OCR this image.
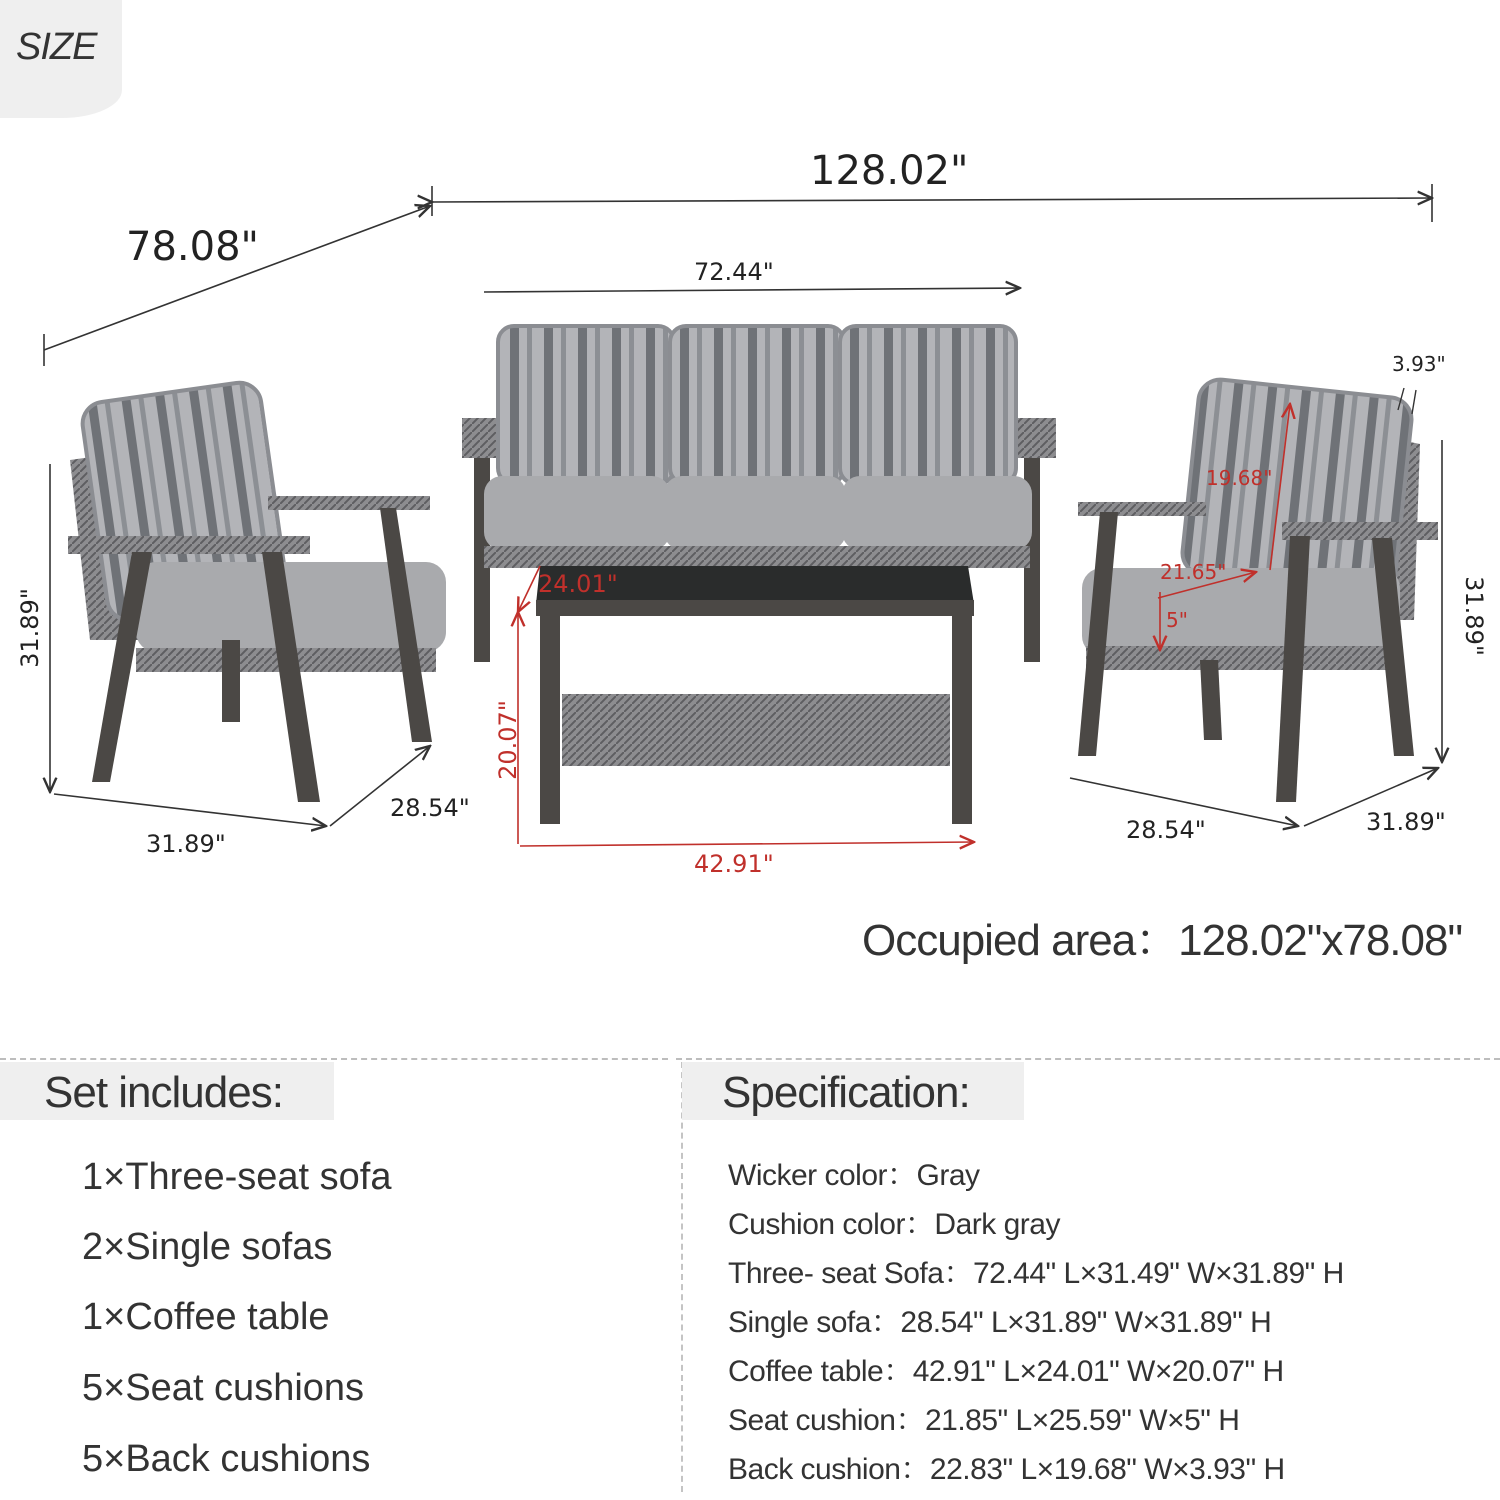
SIZE
128.02"
78.08"
72.44"
31.89"
31.89"
28.54"
24.01"
20.07"
42.91"
3.93"
19.68"
21.65"
5"	31.89"
28.54"	31.89"
Occupied area：128.02"x78.08"
Set includes:	Specification:
1×Three-seat sofa
2×Single sofas
1×Coffee table
5×Seat cushions
5×Back cushions
Wicker color：Gray
Cushion color：Dark gray
Three- seat Sofa：72.44" L×31.49" W×31.89" H
Single sofa：28.54" L×31.89" W×31.89" H
Coffee table：42.91" L×24.01" W×20.07" H
Seat cushion：21.85" L×25.59" W×5" H
Back cushion：22.83" L×19.68" W×3.93" H
